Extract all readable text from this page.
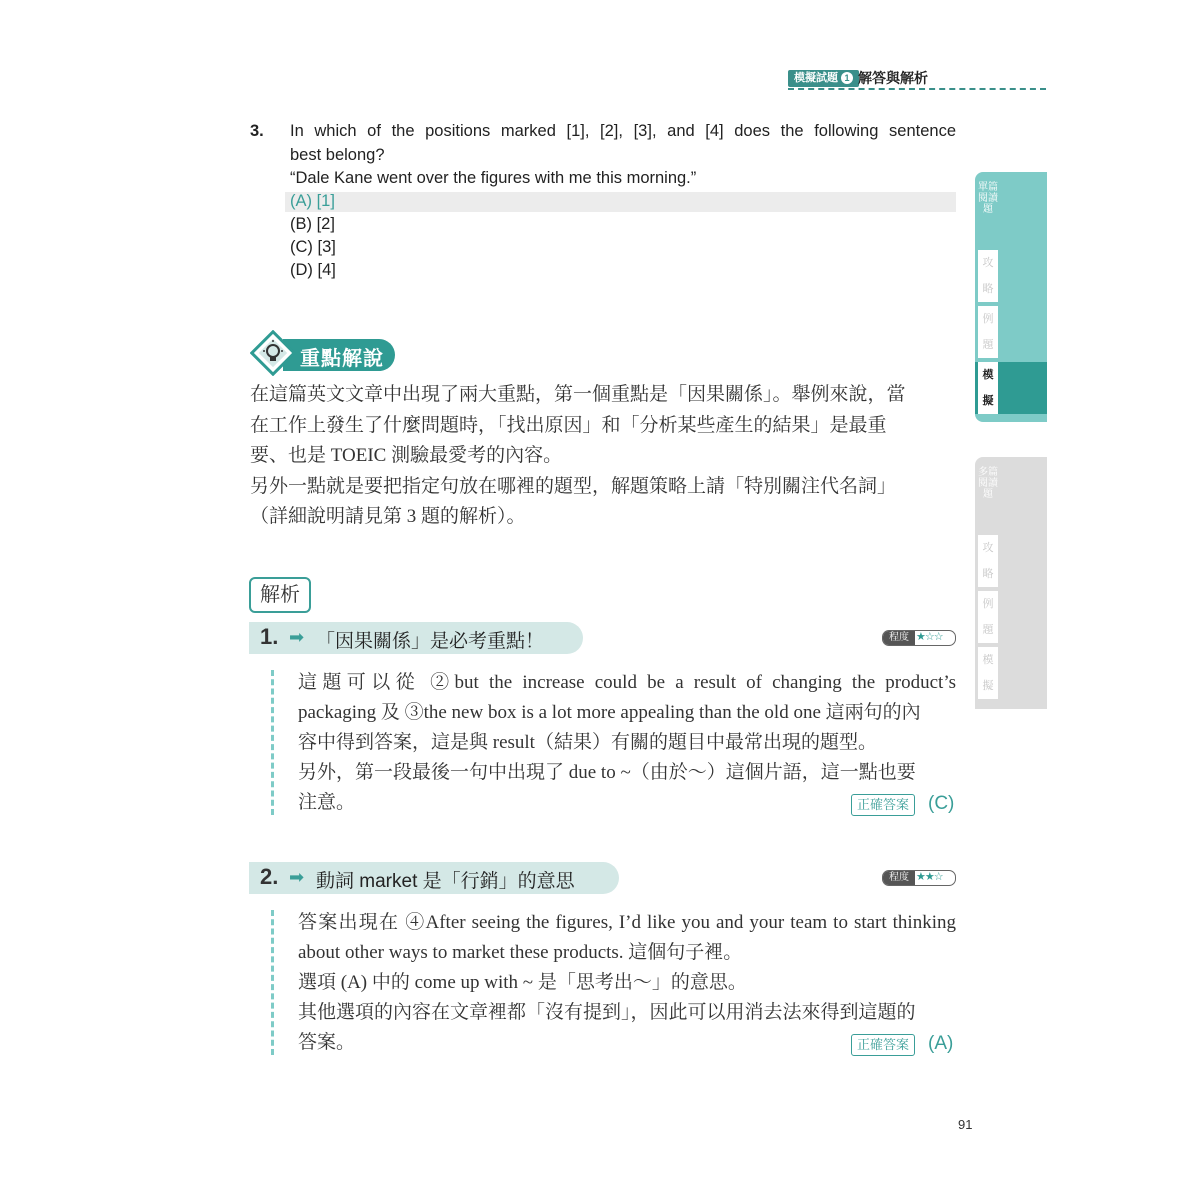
模擬試題 1 解答與解析
單篇閱讀題
攻
略
例
題
模
擬
多篇閱讀題
攻
略
例
題
模
擬
3. In which of the positions marked [1], [2], [3], and [4] does the following sentence
best belong?
“Dale Kane went over the figures with me this morning.”
(A) [1]
(B) [2]
(C) [3]
(D) [4]
重點解說
在這篇英文文章中出現了兩大重點，第一個重點是「因果關係」。舉例來說，當
在工作上發生了什麼問題時，「找出原因」和「分析某些產生的結果」是最重
要、也是 TOEIC 測驗最愛考的內容。
另外一點就是要把指定句放在哪裡的題型，解題策略上請「特別關注代名詞」
（詳細說明請見第 3 題的解析）。
解析
1. ➡ 「因果關係」是必考重點！	程度 ★☆☆
這題可以從 ②but the increase could be a result of changing the product’s
packaging 及 ③the new box is a lot more appealing than the old one 這兩句的內
容中得到答案，這是與 result（結果）有關的題目中最常出現的題型。
另外，第一段最後一句中出現了 due to ~（由於～）這個片語，這一點也要
注意。	正確答案 (C)
2. ➡ 動詞 market 是「行銷」的意思	程度 ★★☆
答案出現在 ④After seeing the figures, I’d like you and your team to start thinking
about other ways to market these products. 這個句子裡。
選項 (A) 中的 come up with ~ 是「思考出～」的意思。
其他選項的內容在文章裡都「沒有提到」，因此可以用消去法來得到這題的
答案。	正確答案 (A)
91
